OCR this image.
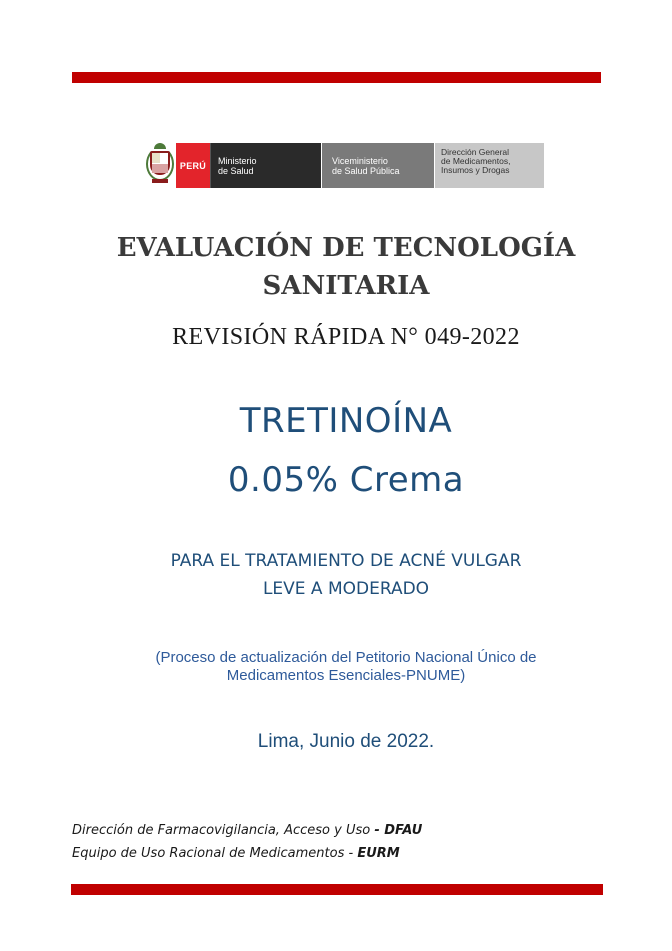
PERÚ	Ministerio
de Salud
Viceministerio
de Salud Pública
Dirección General
de Medicamentos,
Insumos y Drogas
EVALUACIÓN DE TECNOLOGÍA
SANITARIA
REVISIÓN RÁPIDA N° 049-2022
TRETINOÍNA
0.05% Crema
PARA EL TRATAMIENTO DE ACNÉ VULGAR
LEVE A MODERADO
(Proceso de actualización del Petitorio Nacional Único de
Medicamentos Esenciales-PNUME)
Lima, Junio de 2022.
Dirección de Farmacovigilancia, Acceso y Uso - DFAU
Equipo de Uso Racional de Medicamentos - EURM
